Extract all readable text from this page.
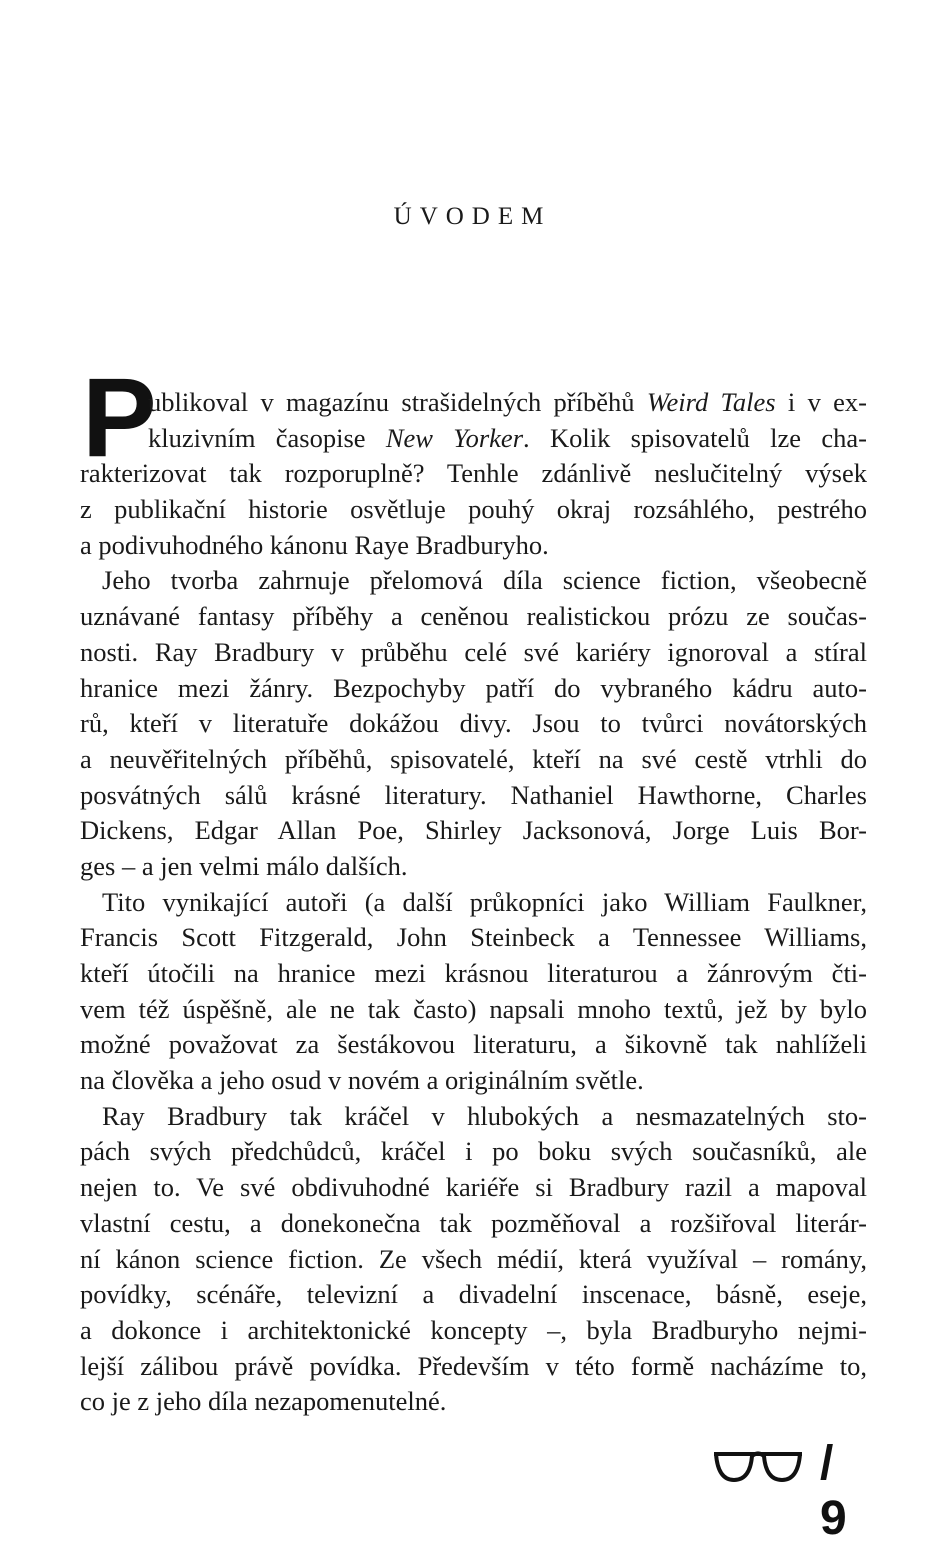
ÚVODEM
P
ublikoval v magazínu strašidelných příběhů Weird Tales i v ex-
kluzivním časopise New Yorker. Kolik spisovatelů lze cha-
rakterizovat tak rozporuplně? Tenhle zdánlivě neslučitelný výsek
z publikační historie osvětluje pouhý okraj rozsáhlého, pestrého
a podivuhodného kánonu Raye Bradburyho.
Jeho tvorba zahrnuje přelomová díla science fiction, všeobecně
uznávané fantasy příběhy a ceněnou realistickou prózu ze součas-
nosti. Ray Bradbury v průběhu celé své kariéry ignoroval a stíral
hranice mezi žánry. Bezpochyby patří do vybraného kádru auto-
rů, kteří v literatuře dokážou divy. Jsou to tvůrci novátorských
a neuvěřitelných příběhů, spisovatelé, kteří na své cestě vtrhli do
posvátných sálů krásné literatury. Nathaniel Hawthorne, Charles
Dickens, Edgar Allan Poe, Shirley Jacksonová, Jorge Luis Bor-
ges – a jen velmi málo dalších.
Tito vynikající autoři (a další průkopníci jako William Faulkner,
Francis Scott Fitzgerald, John Steinbeck a Tennessee Williams,
kteří útočili na hranice mezi krásnou literaturou a žánrovým čti-
vem též úspěšně, ale ne tak často) napsali mnoho textů, jež by bylo
možné považovat za šestákovou literaturu, a šikovně tak nahlíželi
na člověka a jeho osud v novém a originálním světle.
Ray Bradbury tak kráčel v hlubokých a nesmazatelných sto-
pách svých předchůdců, kráčel i po boku svých současníků, ale
nejen to. Ve své obdivuhodné kariéře si Bradbury razil a mapoval
vlastní cestu, a donekonečna tak pozměňoval a rozšiřoval literár-
ní kánon science fiction. Ze všech médií, která využíval – romány,
povídky, scénáře, televizní a divadelní inscenace, básně, eseje,
a dokonce i architektonické koncepty –, byla Bradburyho nejmi-
lejší zálibou právě povídka. Především v této formě nacházíme to,
co je z jeho díla nezapomenutelné.
/ 9
